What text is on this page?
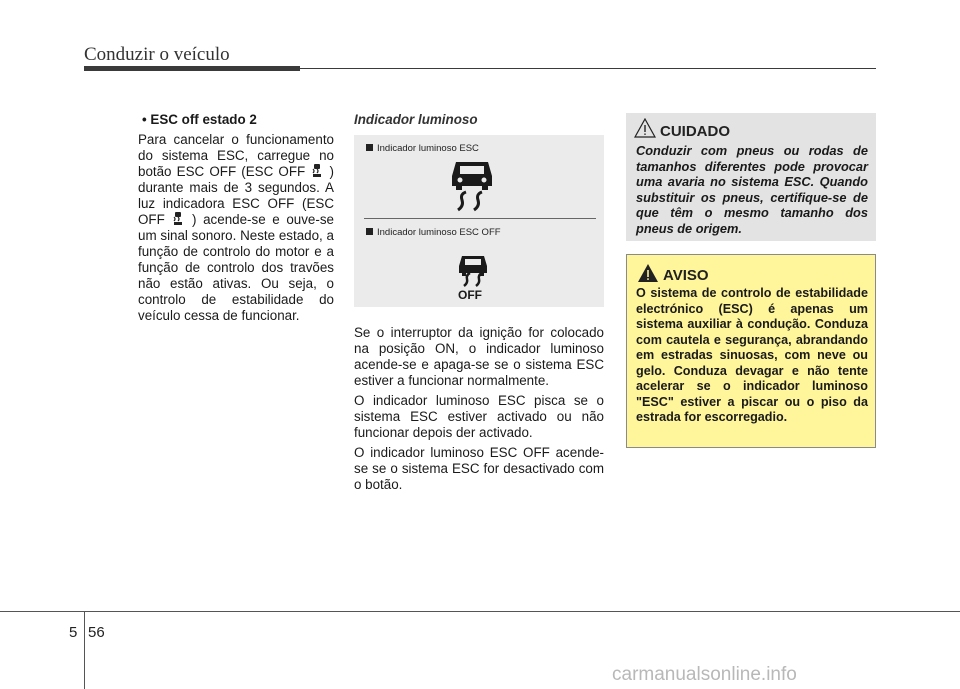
Conduzir o veículo

• ESC off estado 2

Para cancelar o funcionamento do sistema ESC, carregue no botão ESC OFF (ESC OFF ) durante mais de 3 segundos. A luz indicadora ESC OFF (ESC OFF ) acende-se e ouve-se um sinal sonoro. Neste estado, a função de controlo do motor e a função de controlo dos travões não estão ativas. Ou seja, o controlo de estabilidade do veículo cessa de funcionar.

Indicador luminoso
Indicador luminoso ESC
Indicador luminoso ESC OFF
OFF

Se o interruptor da ignição for colocado na posição ON, o indicador luminoso acende-se e apaga-se se o sistema ESC estiver a funcionar normalmente.

O indicador luminoso ESC pisca se o sistema ESC estiver activado ou não funcionar depois der activado.

O indicador luminoso ESC OFF acende-se se o sistema ESC for desactivado com o botão.

CUIDADO
Conduzir com pneus ou rodas de tamanhos diferentes pode provocar uma avaria no sistema ESC. Quando substituir os pneus, certifique-se de que têm o mesmo tamanho dos pneus de origem.
AVISO
O sistema de controlo de estabilidade electrónico (ESC) é apenas um sistema auxiliar à condução. Conduza com cautela e segurança, abrandando em estradas sinuosas, com neve ou gelo. Conduza devagar e não tente acelerar se o indicador luminoso "ESC" estiver a piscar ou o piso da estrada for escorregadio.
5 56
carmanualsonline.info
